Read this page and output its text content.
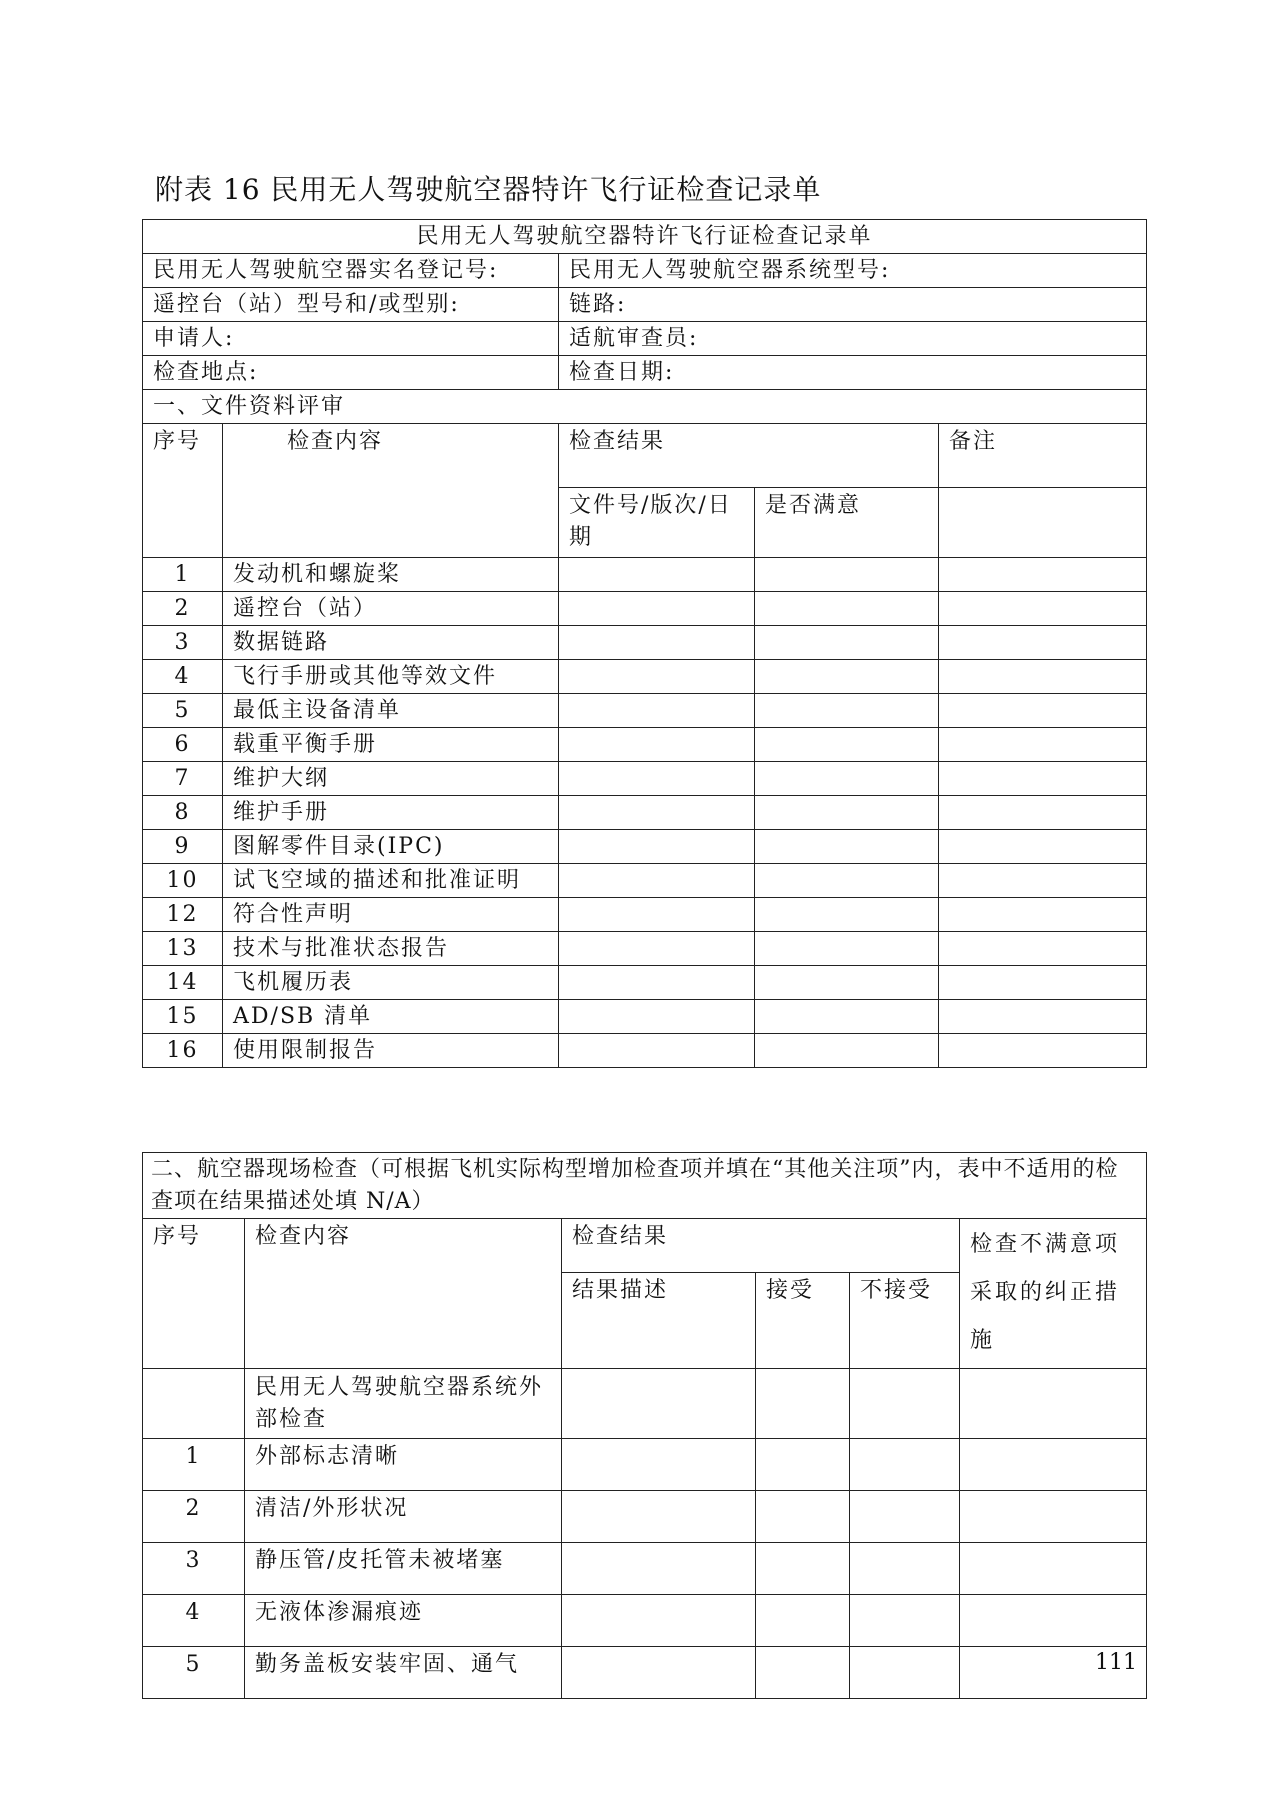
附表 16 民用无人驾驶航空器特许飞行证检查记录单
民用无人驾驶航空器特许飞行证检查记录单				
民用无人驾驶航空器实名登记号:		民用无人驾驶航空器系统型号:		
遥控台（站）型号和/或型别:		链路:		
申请人:		适航审查员:		
检查地点:		检查日期:		
一、文件资料评审				
序号	检查内容	检查结果		备注
		文件号/版次/日期	是否满意	
1	发动机和螺旋桨			
2	遥控台（站）			
3	数据链路			
4	飞行手册或其他等效文件			
5	最低主设备清单			
6	载重平衡手册			
7	维护大纲			
8	维护手册			
9	图解零件目录(IPC)			
10	试飞空域的描述和批准证明			
12	符合性声明			
13	技术与批准状态报告			
14	飞机履历表			
15	AD/SB 清单			
16	使用限制报告			
二、航空器现场检查（可根据飞机实际构型增加检查项并填在“其他关注项”内，表中不适用的检查项在结果描述处填 N/A）					
序号	检查内容	检查结果			检查不满意项采取的纠正措施
		结果描述	接受	不接受	
	民用无人驾驶航空器系统外部检查				
1	外部标志清晰				
2	清洁/外形状况				
3	静压管/皮托管未被堵塞				
4	无液体渗漏痕迹				
5	勤务盖板安装牢固、通气					111
